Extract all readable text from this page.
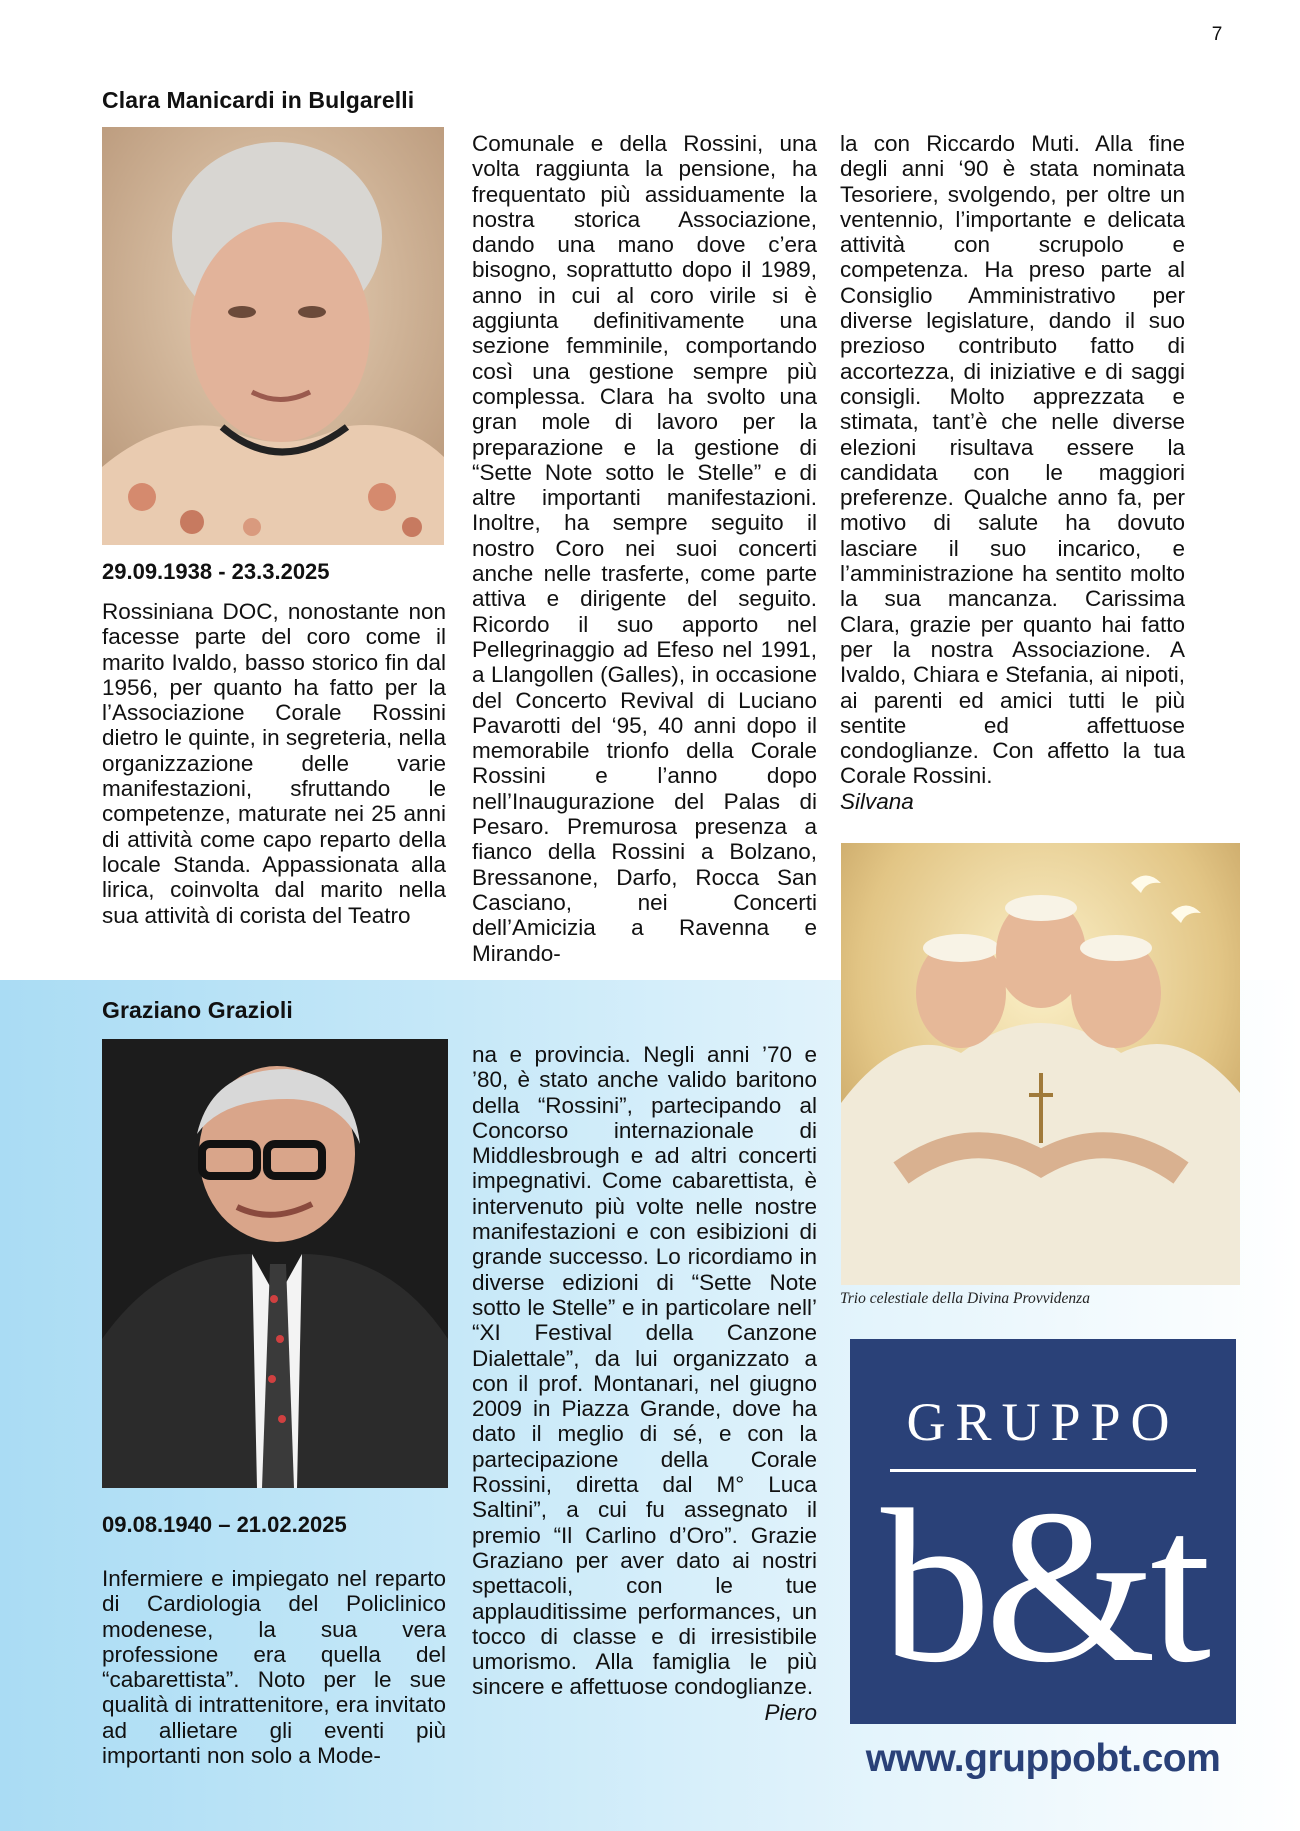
7
Clara Manicardi in Bulgarelli
29.09.1938 - 23.3.2025

Rossiniana DOC, nonostante non facesse parte del coro come il marito Ivaldo, basso storico fin dal 1956, per quanto ha fatto per la l’Associazione Corale Rossini dietro le quinte, in segreteria, nella organizzazione delle varie manifestazioni, sfruttando le competenze, maturate nei 25 anni di attività come capo reparto della locale Standa. Appassionata alla lirica, coinvolta dal marito nella sua attività di corista del Teatro

Comunale e della Rossini, una volta raggiunta la pensione, ha frequentato più assiduamente la nostra storica Associazione, dando una mano dove c’era bisogno, soprattutto dopo il 1989, anno in cui al coro virile si è aggiunta definitivamente una sezione femminile, comportando così una gestione sempre più complessa. Clara ha svolto una gran mole di lavoro per la preparazione e la gestione di “Sette Note sotto le Stelle” e di altre importanti manifestazioni. Inoltre, ha sempre seguito il nostro Coro nei suoi concerti anche nelle trasferte, come parte attiva e dirigente del seguito. Ricordo il suo apporto nel Pellegrinaggio ad Efeso nel 1991, a Llangollen (Galles), in occasione del Concerto Revival di Luciano Pavarotti del ‘95, 40 anni dopo il memorabile trionfo della Corale Rossini e l’anno dopo nell’Inaugurazione del Palas di Pesaro. Premurosa presenza a fianco della Rossini a Bolzano, Bressanone, Darfo, Rocca San Casciano, nei Concerti dell’Amicizia a Ravenna e Mirando-

la con Riccardo Muti. Alla fine degli anni ‘90 è stata nominata Tesoriere, svolgendo, per oltre un ventennio, l’importante e delicata attività con scrupolo e competenza. Ha preso parte al Consiglio Amministrativo per diverse legislature, dando il suo prezioso contributo fatto di accortezza, di iniziative e di saggi consigli. Molto apprezzata e stimata, tant’è che nelle diverse elezioni risultava essere la candidata con le maggiori preferenze. Qualche anno fa, per motivo di salute ha dovuto lasciare il suo incarico, e l’amministrazione ha sentito molto la sua mancanza. Carissima Clara, grazie per quanto hai fatto per la nostra Associazione. A Ivaldo, Chiara e Stefania, ai nipoti, ai parenti ed amici tutti le più sentite ed affettuose condoglianze. Con affetto la tua Corale Rossini.

Silvana
Trio celestiale della Divina Provvidenza
Graziano Grazioli
09.08.1940 – 21.02.2025

Infermiere e impiegato nel reparto di Cardiologia del Policlinico modenese, la sua vera professione era quella del “cabarettista”. Noto per le sue qualità di intrattenitore, era invitato ad allietare gli eventi più importanti non solo a Mode-

na e provincia. Negli anni ’70 e ’80, è stato anche valido baritono della “Rossini”, partecipando al Concorso internazionale di Middlesbrough e ad altri concerti impegnativi. Come cabarettista, è intervenuto più volte nelle nostre manifestazioni e con esibizioni di grande successo. Lo ricordiamo in diverse edizioni di “Sette Note sotto le Stelle” e in particolare nell’ “XI Festival della Canzone Dialettale”, da lui organizzato a con il prof. Montanari, nel giugno 2009 in Piazza Grande, dove ha dato il meglio di sé, e con la partecipazione della Corale Rossini, diretta dal M° Luca Saltini”, a cui fu assegnato il premio “Il Carlino d’Oro”. Grazie Graziano per aver dato ai nostri spettacoli, con le tue applauditissime performances, un tocco di classe e di irresistibile umorismo. Alla famiglia le più sincere e affettuose condoglianze.
Piero

GRUPPO
b&t
www.gruppobt.com
